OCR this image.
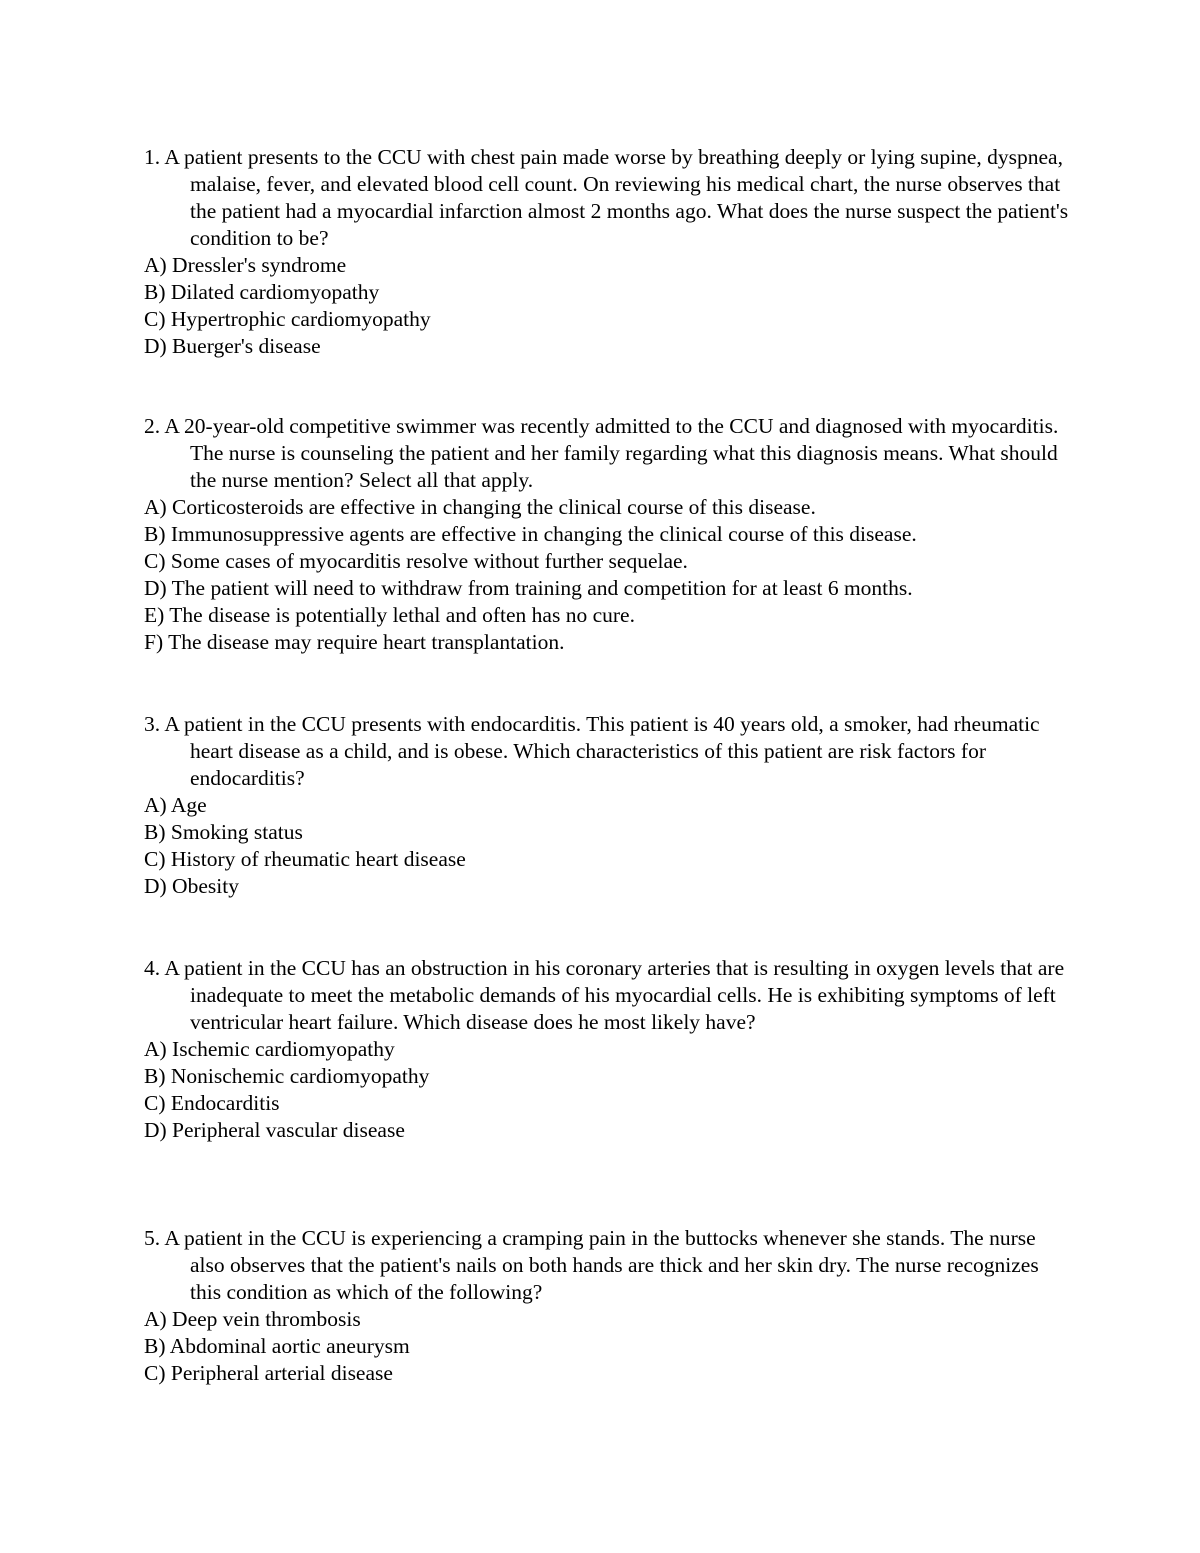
1. A patient presents to the CCU with chest pain made worse by breathing deeply or lying supine, dyspnea, malaise, fever, and elevated blood cell count. On reviewing his medical chart, the nurse observes that the patient had a myocardial infarction almost 2 months ago. What does the nurse suspect the patient's condition to be?

A) Dressler's syndrome
B) Dilated cardiomyopathy
C) Hypertrophic cardiomyopathy
D) Buerger's disease

2. A 20-year-old competitive swimmer was recently admitted to the CCU and diagnosed with myocarditis. The nurse is counseling the patient and her family regarding what this diagnosis means. What should the nurse mention? Select all that apply.

A) Corticosteroids are effective in changing the clinical course of this disease.
B) Immunosuppressive agents are effective in changing the clinical course of this disease.
C) Some cases of myocarditis resolve without further sequelae.
D) The patient will need to withdraw from training and competition for at least 6 months.
E) The disease is potentially lethal and often has no cure.
F) The disease may require heart transplantation.

3. A patient in the CCU presents with endocarditis. This patient is 40 years old, a smoker, had rheumatic heart disease as a child, and is obese. Which characteristics of this patient are risk factors for endocarditis?

A) Age
B) Smoking status
C) History of rheumatic heart disease
D) Obesity

4. A patient in the CCU has an obstruction in his coronary arteries that is resulting in oxygen levels that are inadequate to meet the metabolic demands of his myocardial cells. He is exhibiting symptoms of left ventricular heart failure. Which disease does he most likely have?

A) Ischemic cardiomyopathy
B) Nonischemic cardiomyopathy
C) Endocarditis
D) Peripheral vascular disease

5. A patient in the CCU is experiencing a cramping pain in the buttocks whenever she stands. The nurse also observes that the patient's nails on both hands are thick and her skin dry. The nurse recognizes this condition as which of the following?

A) Deep vein thrombosis
B) Abdominal aortic aneurysm
C) Peripheral arterial disease
